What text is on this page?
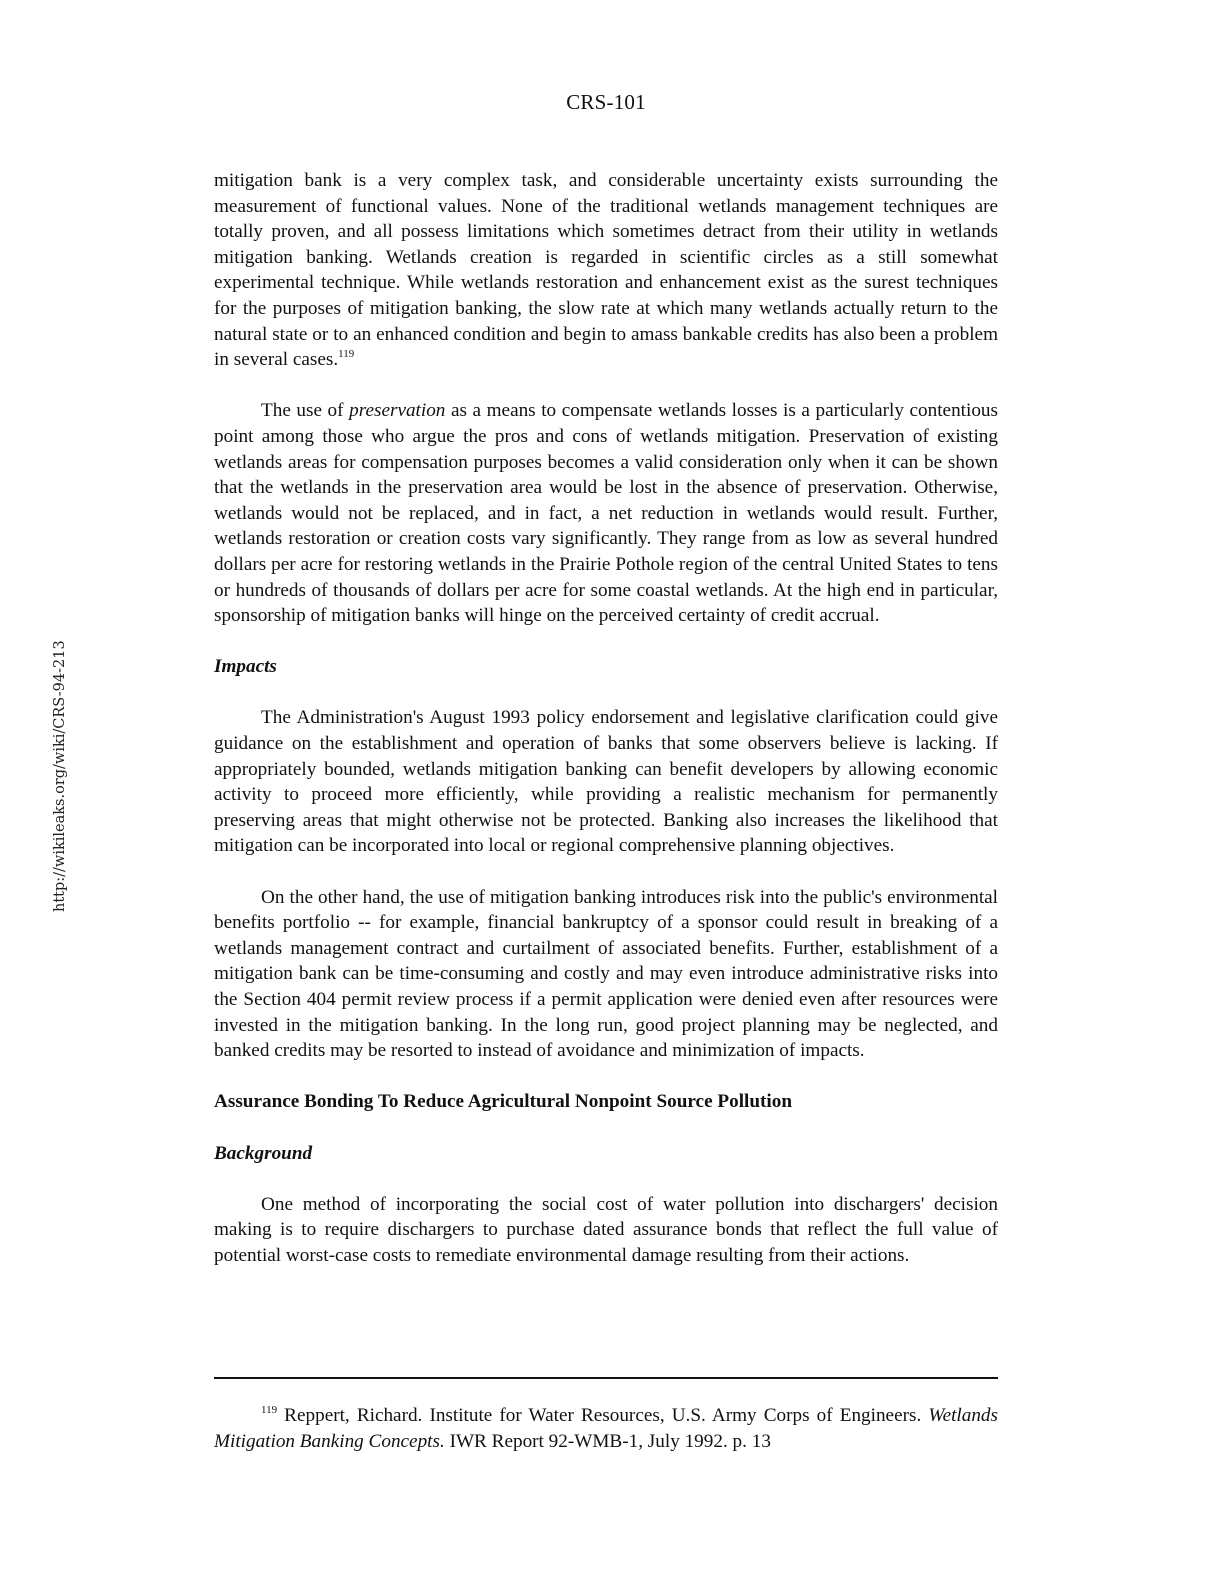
CRS-101
http://wikileaks.org/wiki/CRS-94-213

mitigation bank is a very complex task, and considerable uncertainty exists surrounding the measurement of functional values. None of the traditional wetlands management techniques are totally proven, and all possess limitations which sometimes detract from their utility in wetlands mitigation banking. Wetlands creation is regarded in scientific circles as a still somewhat experimental technique. While wetlands restoration and enhancement exist as the surest techniques for the purposes of mitigation banking, the slow rate at which many wetlands actually return to the natural state or to an enhanced condition and begin to amass bankable credits has also been a problem in several cases.$^{119}$

The use of preservation as a means to compensate wetlands losses is a particularly contentious point among those who argue the pros and cons of wetlands mitigation. Preservation of existing wetlands areas for compensation purposes becomes a valid consideration only when it can be shown that the wetlands in the preservation area would be lost in the absence of preservation. Otherwise, wetlands would not be replaced, and in fact, a net reduction in wetlands would result. Further, wetlands restoration or creation costs vary significantly. They range from as low as several hundred dollars per acre for restoring wetlands in the Prairie Pothole region of the central United States to tens or hundreds of thousands of dollars per acre for some coastal wetlands. At the high end in particular, sponsorship of mitigation banks will hinge on the perceived certainty of credit accrual.

Impacts

The Administration's August 1993 policy endorsement and legislative clarification could give guidance on the establishment and operation of banks that some observers believe is lacking. If appropriately bounded, wetlands mitigation banking can benefit developers by allowing economic activity to proceed more efficiently, while providing a realistic mechanism for permanently preserving areas that might otherwise not be protected. Banking also increases the likelihood that mitigation can be incorporated into local or regional comprehensive planning objectives.

On the other hand, the use of mitigation banking introduces risk into the public's environmental benefits portfolio -- for example, financial bankruptcy of a sponsor could result in breaking of a wetlands management contract and curtailment of associated benefits. Further, establishment of a mitigation bank can be time-consuming and costly and may even introduce administrative risks into the Section 404 permit review process if a permit application were denied even after resources were invested in the mitigation banking. In the long run, good project planning may be neglected, and banked credits may be resorted to instead of avoidance and minimization of impacts.

Assurance Bonding To Reduce Agricultural Nonpoint Source Pollution
Background

One method of incorporating the social cost of water pollution into dischargers' decision making is to require dischargers to purchase dated assurance bonds that reflect the full value of potential worst-case costs to remediate environmental damage resulting from their actions.

$^{119}$ Reppert, Richard. Institute for Water Resources, U.S. Army Corps of Engineers. Wetlands Mitigation Banking Concepts. IWR Report 92-WMB-1, July 1992. p. 13
